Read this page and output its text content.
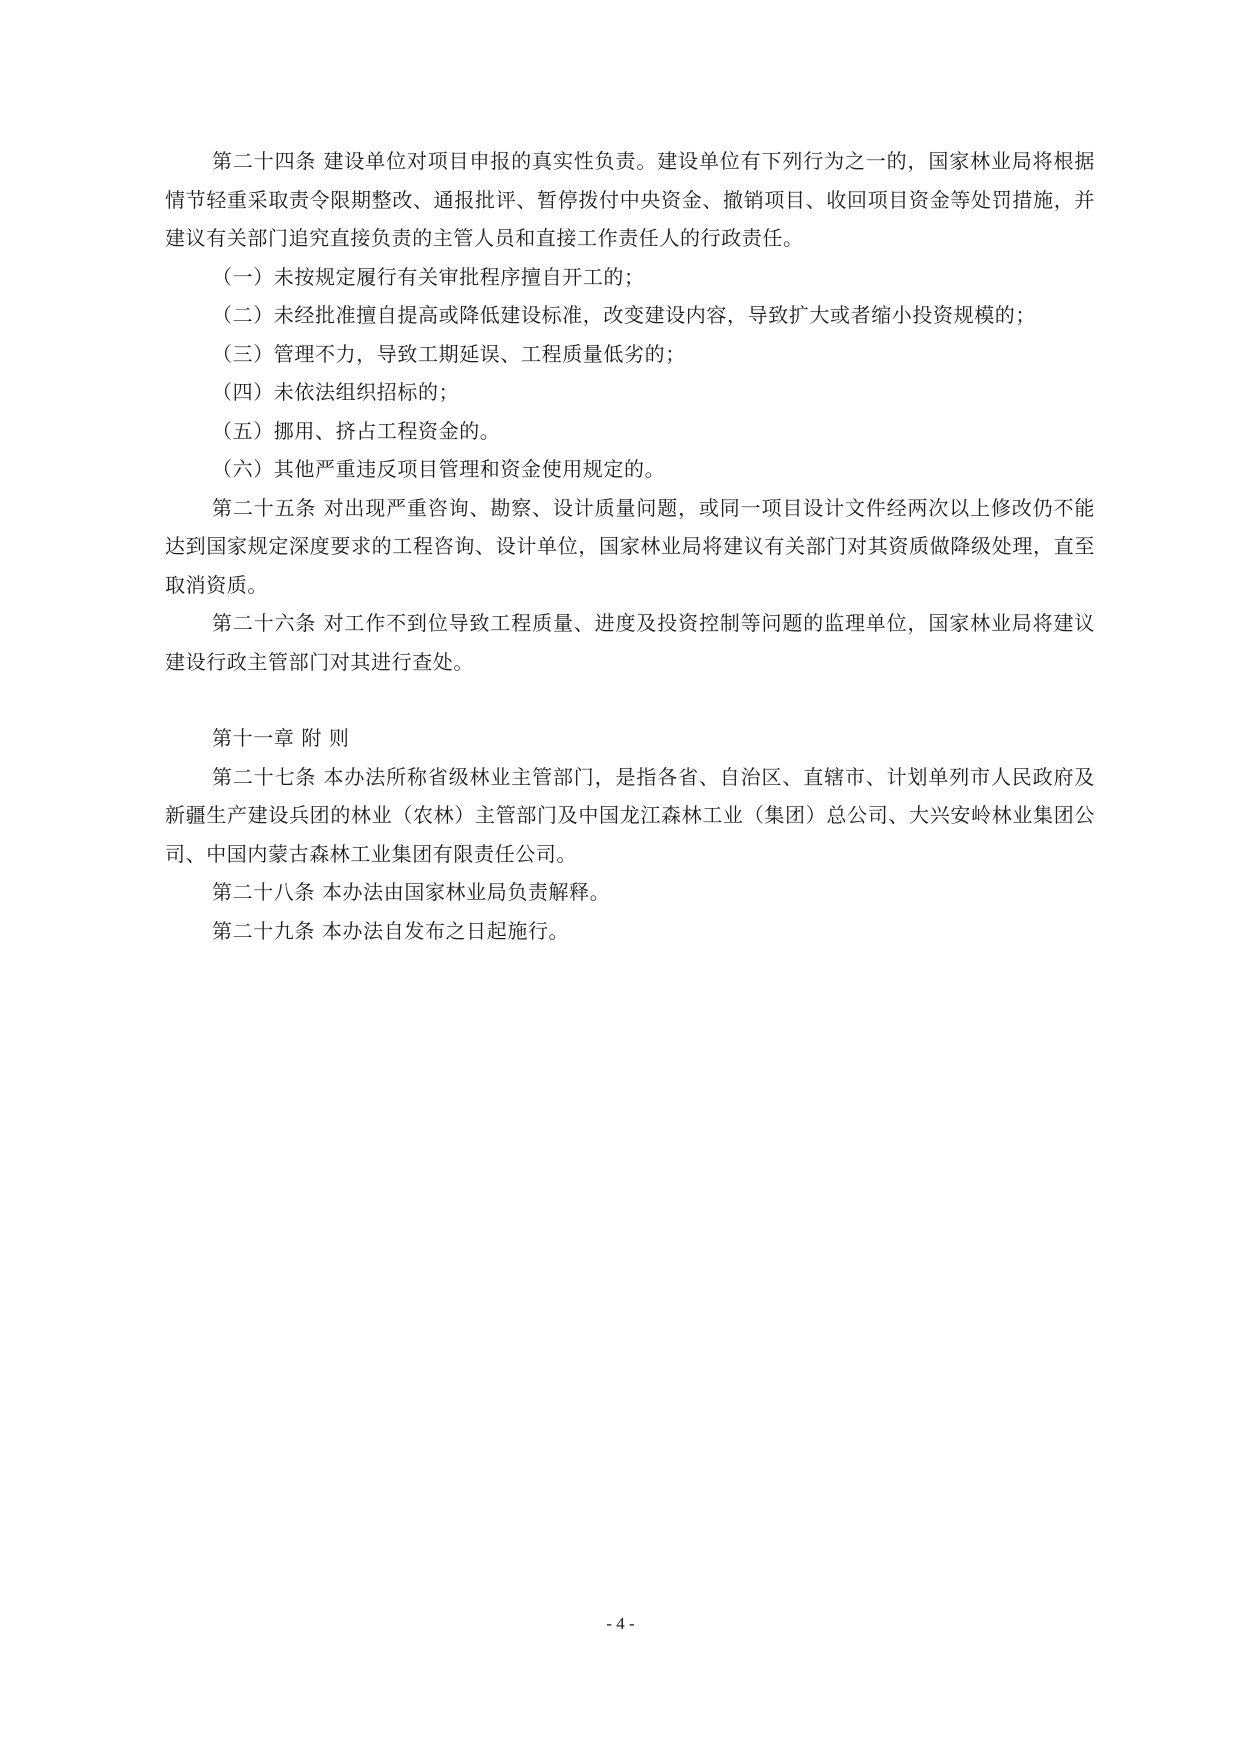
第二十四条 建设单位对项目申报的真实性负责。建设单位有下列行为之一的，国家林业局将根据情节轻重采取责令限期整改、通报批评、暂停拨付中央资金、撤销项目、收回项目资金等处罚措施，并建议有关部门追究直接负责的主管人员和直接工作责任人的行政责任。

（一）未按规定履行有关审批程序擅自开工的；

（二）未经批准擅自提高或降低建设标准，改变建设内容，导致扩大或者缩小投资规模的；

（三）管理不力，导致工期延误、工程质量低劣的；

（四）未依法组织招标的；

（五）挪用、挤占工程资金的。

（六）其他严重违反项目管理和资金使用规定的。

第二十五条 对出现严重咨询、勘察、设计质量问题，或同一项目设计文件经两次以上修改仍不能达到国家规定深度要求的工程咨询、设计单位，国家林业局将建议有关部门对其资质做降级处理，直至取消资质。

第二十六条 对工作不到位导致工程质量、进度及投资控制等问题的监理单位，国家林业局将建议建设行政主管部门对其进行查处。

第十一章 附 则

第二十七条 本办法所称省级林业主管部门，是指各省、自治区、直辖市、计划单列市人民政府及新疆生产建设兵团的林业（农林）主管部门及中国龙江森林工业（集团）总公司、大兴安岭林业集团公司、中国内蒙古森林工业集团有限责任公司。

第二十八条 本办法由国家林业局负责解释。

第二十九条 本办法自发布之日起施行。

- 4 -
